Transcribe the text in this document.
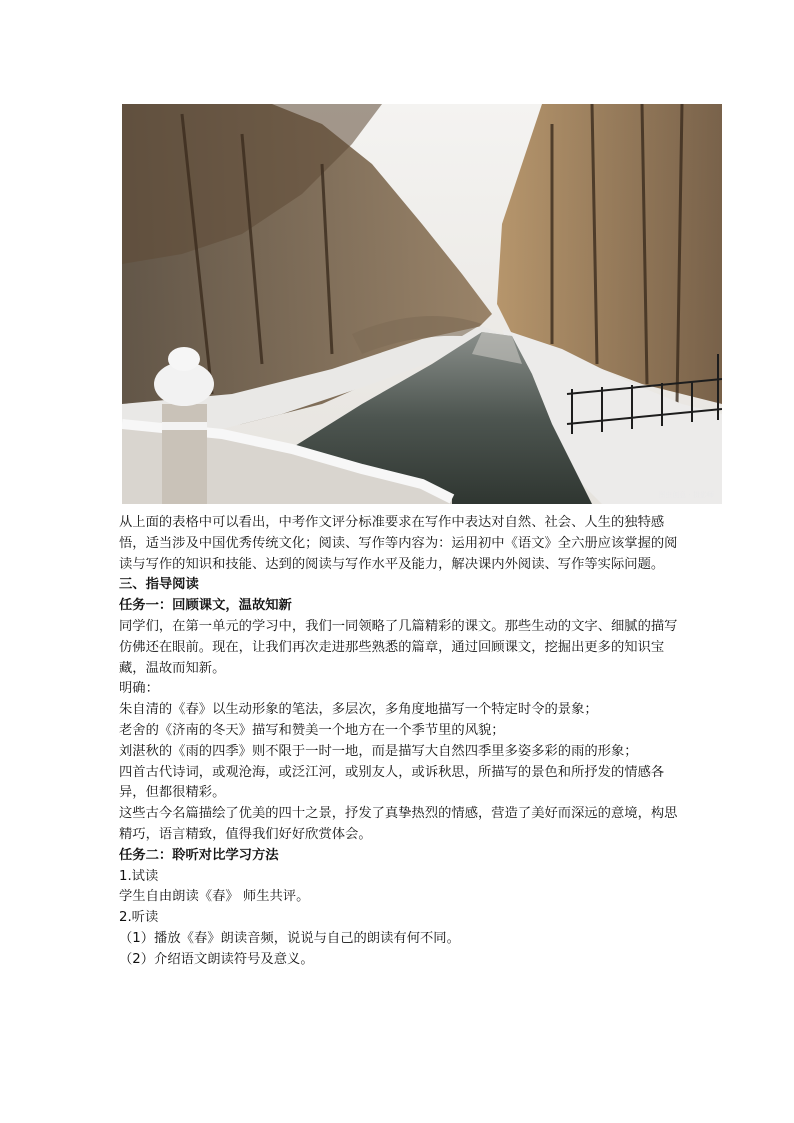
图虫创意 · 摄影师

从上面的表格中可以看出，中考作文评分标准要求在写作中表达对自然、社会、人生的独特感悟，适当涉及中国优秀传统文化；阅读、写作等内容为：运用初中《语文》全六册应该掌握的阅读与写作的知识和技能、达到的阅读与写作水平及能力，解决课内外阅读、写作等实际问题。

三、指导阅读

任务一：回顾课文，温故知新

同学们，在第一单元的学习中，我们一同领略了几篇精彩的课文。那些生动的文字、细腻的描写仿佛还在眼前。现在，让我们再次走进那些熟悉的篇章，通过回顾课文，挖掘出更多的知识宝藏，温故而知新。

明确：

朱自清的《春》以生动形象的笔法，多层次，多角度地描写一个特定时令的景象；

老舍的《济南的冬天》描写和赞美一个地方在一个季节里的风貌；

刘湛秋的《雨的四季》则不限于一时一地，而是描写大自然四季里多姿多彩的雨的形象；

四首古代诗词，或观沧海，或泛江河，或别友人，或诉秋思，所描写的景色和所抒发的情感各异，但都很精彩。

这些古今名篇描绘了优美的四十之景，抒发了真挚热烈的情感，营造了美好而深远的意境，构思精巧，语言精致，值得我们好好欣赏体会。

任务二：聆听对比学习方法

1.试读

学生自由朗读《春》 师生共评。

2.听读

（1）播放《春》朗读音频，说说与自己的朗读有何不同。

（2）介绍语文朗读符号及意义。
